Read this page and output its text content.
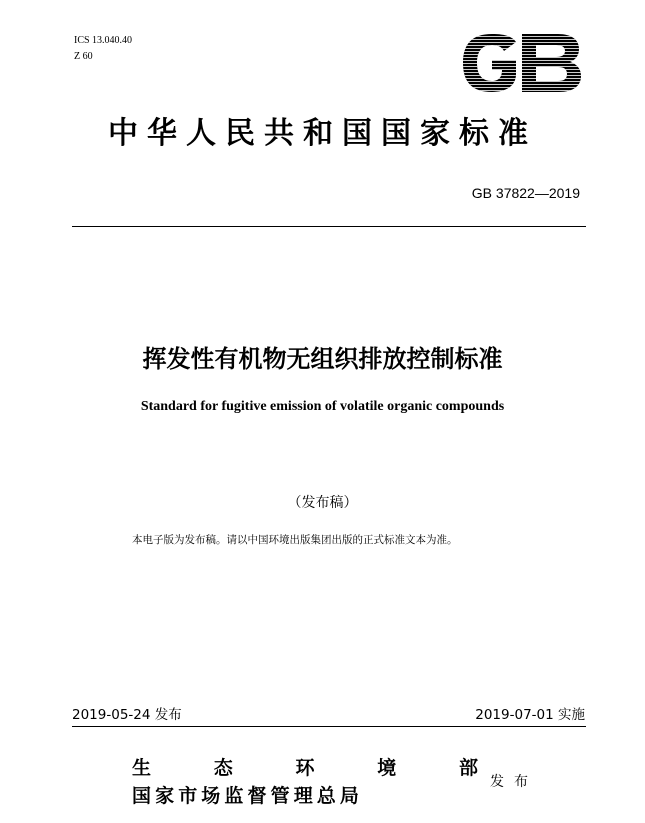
ICS 13.040.40
Z 60
中华人民共和国国家标准
GB 37822—2019
挥发性有机物无组织排放控制标准
Standard for fugitive emission of volatile organic compounds
（发布稿）
本电子版为发布稿。请以中国环境出版集团出版的正式标准文本为准。
2019-05-24 发布	2019-07-01 实施
生	态	环	境	部
国家市场监督管理总局
发布
